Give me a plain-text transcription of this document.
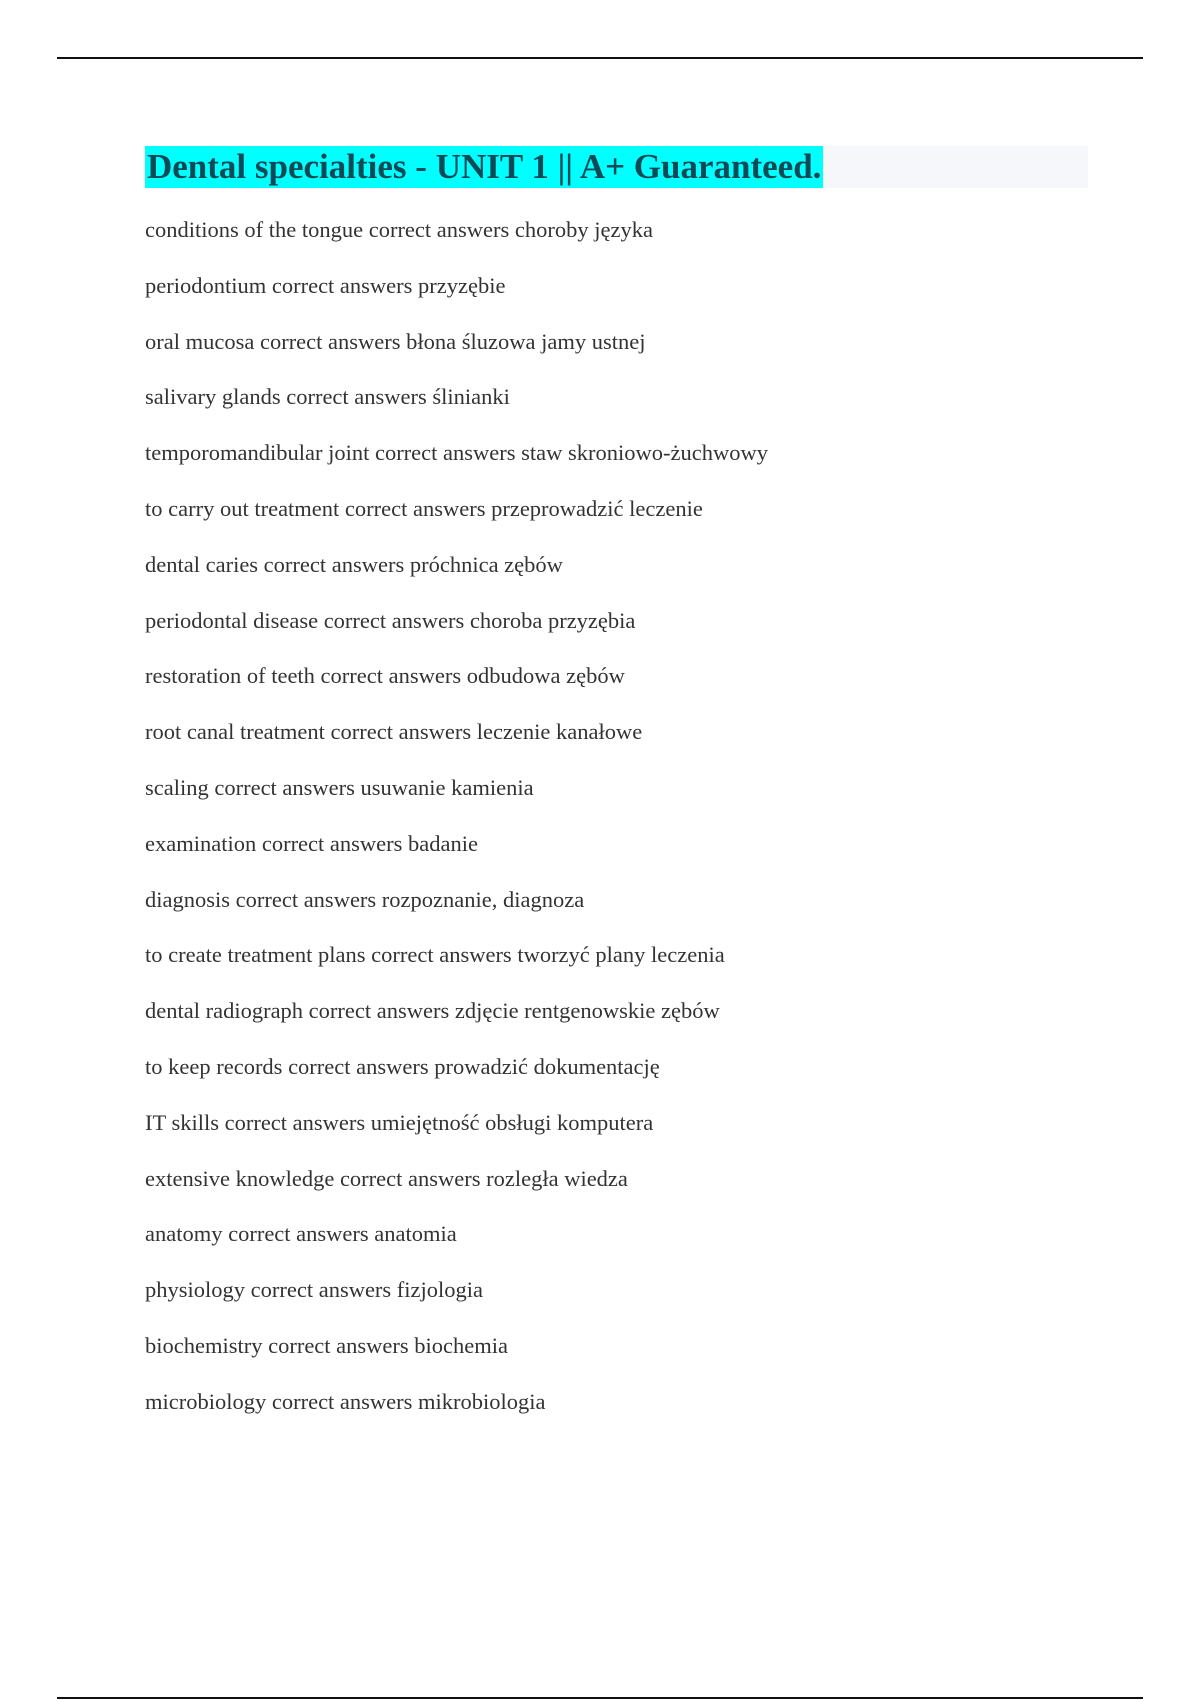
Dental specialties - UNIT 1 || A+ Guaranteed.
conditions of the tongue correct answers choroby języka
periodontium correct answers przyzębie
oral mucosa correct answers błona śluzowa jamy ustnej
salivary glands correct answers ślinianki
temporomandibular joint correct answers staw skroniowo-żuchwowy
to carry out treatment correct answers przeprowadzić leczenie
dental caries correct answers próchnica zębów
periodontal disease correct answers choroba przyzębia
restoration of teeth correct answers odbudowa zębów
root canal treatment correct answers leczenie kanałowe
scaling correct answers usuwanie kamienia
examination correct answers badanie
diagnosis correct answers rozpoznanie, diagnoza
to create treatment plans correct answers tworzyć plany leczenia
dental radiograph correct answers zdjęcie rentgenowskie zębów
to keep records correct answers prowadzić dokumentację
IT skills correct answers umiejętność obsługi komputera
extensive knowledge correct answers rozległa wiedza
anatomy correct answers anatomia
physiology correct answers fizjologia
biochemistry correct answers biochemia
microbiology correct answers mikrobiologia
